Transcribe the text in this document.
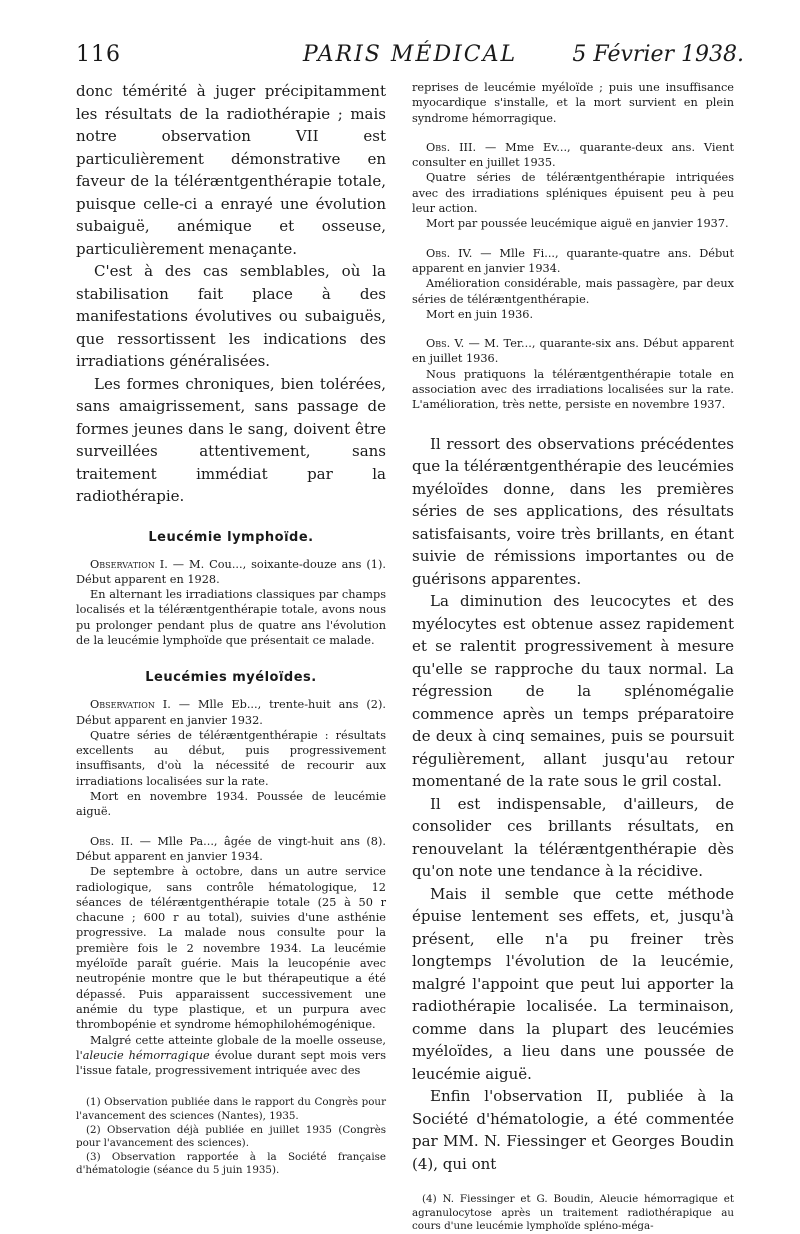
116	PARIS MÉDICAL	5 Février 1938.

donc témérité à juger précipitamment les résultats de la radiothérapie ; mais notre observation VII est particulièrement démonstrative en faveur de la téléræntgenthérapie totale, puisque celle-ci a enrayé une évolution subaiguë, anémique et osseuse, particulièrement menaçante.

C'est à des cas semblables, où la stabilisation fait place à des manifestations évolutives ou subaiguës, que ressortissent les indications des irradiations généralisées.

Les formes chroniques, bien tolérées, sans amaigrissement, sans passage de formes jeunes dans le sang, doivent être surveillées attentivement, sans traitement immédiat par la radiothérapie.

Leucémie lymphoïde.
Observation I. — M. Cou..., soixante-douze ans (1). Début apparent en 1928.
En alternant les irradiations classiques par champs localisés et la téléræntgenthérapie totale, avons nous pu prolonger pendant plus de quatre ans l'évolution de la leucémie lymphoïde que présentait ce malade.
Leucémies myéloïdes.
Observation I. — Mlle Eb..., trente-huit ans (2). Début apparent en janvier 1932.
Quatre séries de téléræntgenthérapie : résultats excellents au début, puis progressivement insuffisants, d'où la nécessité de recourir aux irradiations localisées sur la rate.
Mort en novembre 1934. Poussée de leucémie aiguë.
Obs. II. — Mlle Pa..., âgée de vingt-huit ans (8). Début apparent en janvier 1934.
De septembre à octobre, dans un autre service radiologique, sans contrôle hématologique, 12 séances de téléræntgenthérapie totale (25 à 50 r chacune ; 600 r au total), suivies d'une asthénie progressive. La malade nous consulte pour la première fois le 2 novembre 1934. La leucémie myéloïde paraît guérie. Mais la leucopénie avec neutropénie montre que le but thérapeutique a été dépassé. Puis apparaissent successivement une anémie du type plastique, et un purpura avec thrombopénie et syndrome hémophilohémogénique.
Malgré cette atteinte globale de la moelle osseuse, l'aleucie hémorragique évolue durant sept mois vers l'issue fatale, progressivement intriquée avec des
(1) Observation publiée dans le rapport du Congrès pour l'avancement des sciences (Nantes), 1935.
(2) Observation déjà publiée en juillet 1935 (Congrès pour l'avancement des sciences).
(3) Observation rapportée à la Société française d'hématologie (séance du 5 juin 1935).
reprises de leucémie myéloïde ; puis une insuffisance myocardique s'installe, et la mort survient en plein syndrome hémorragique.
Obs. III. — Mme Ev..., quarante-deux ans. Vient consulter en juillet 1935.
Quatre séries de téléræntgenthérapie intriquées avec des irradiations spléniques épuisent peu à peu leur action.
Mort par poussée leucémique aiguë en janvier 1937.
Obs. IV. — Mlle Fi..., quarante-quatre ans. Début apparent en janvier 1934.
Amélioration considérable, mais passagère, par deux séries de téléræntgenthérapie.
Mort en juin 1936.
Obs. V. — M. Ter..., quarante-six ans. Début apparent en juillet 1936.
Nous pratiquons la téléræntgenthérapie totale en association avec des irradiations localisées sur la rate. L'amélioration, très nette, persiste en novembre 1937.

Il ressort des observations précédentes que la téléræntgenthérapie des leucémies myéloïdes donne, dans les premières séries de ses applications, des résultats satisfaisants, voire très brillants, en étant suivie de rémissions importantes ou de guérisons apparentes.

La diminution des leucocytes et des myélocytes est obtenue assez rapidement et se ralentit progressivement à mesure qu'elle se rapproche du taux normal. La régression de la splénomégalie commence après un temps préparatoire de deux à cinq semaines, puis se poursuit régulièrement, allant jusqu'au retour momentané de la rate sous le gril costal.

Il est indispensable, d'ailleurs, de consolider ces brillants résultats, en renouvelant la téléræntgenthérapie dès qu'on note une tendance à la récidive.

Mais il semble que cette méthode épuise lentement ses effets, et, jusqu'à présent, elle n'a pu freiner très longtemps l'évolution de la leucémie, malgré l'appoint que peut lui apporter la radiothérapie localisée. La terminaison, comme dans la plupart des leucémies myéloïdes, a lieu dans une poussée de leucémie aiguë.

Enfin l'observation II, publiée à la Société d'hématologie, a été commentée par MM. N. Fiessinger et Georges Boudin (4), qui ont

(4) N. Fiessinger et G. Boudin, Aleucie hémorragique et agranulocytose après un traitement radiothérapique au cours d'une leucémie lymphoïde spléno-méga-
